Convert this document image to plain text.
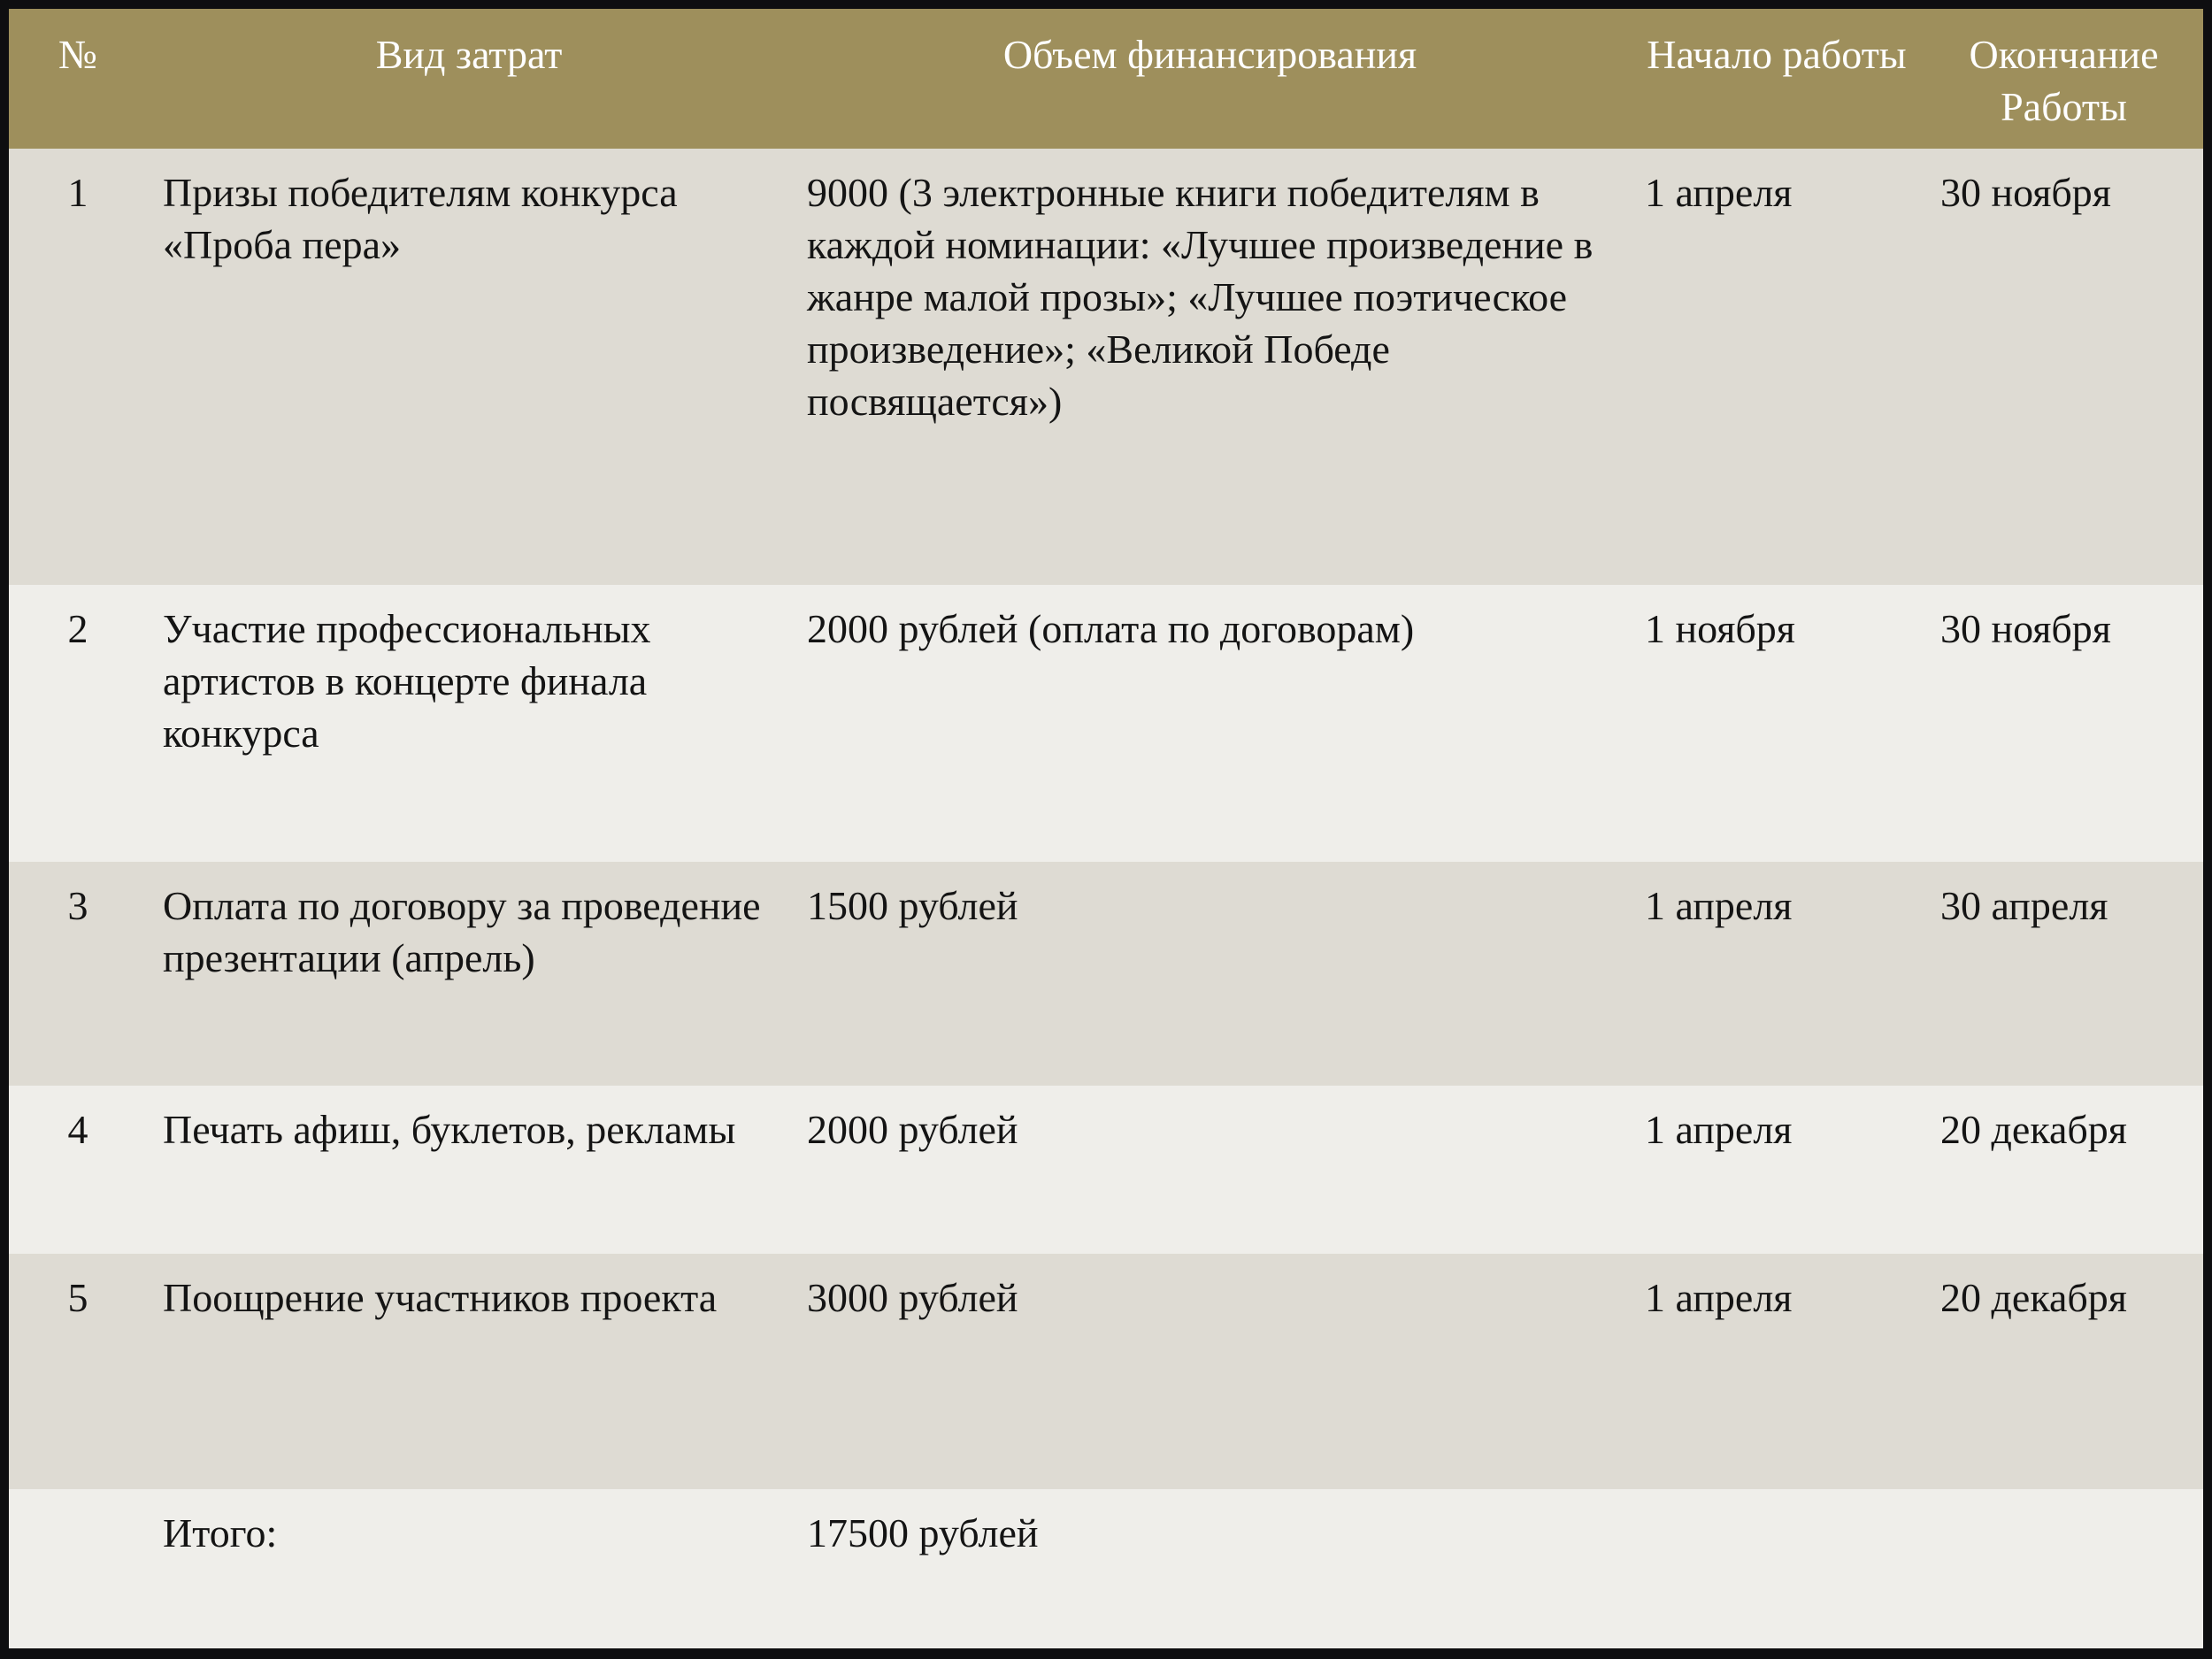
№	Вид затрат	Объем финансирования	Начало работы	Окончание Работы
1	Призы победителям конкурса «Проба пера»	9000 (3 электронные книги победителям в каждой номинации: «Лучшее произведение в жанре малой прозы»; «Лучшее поэтическое произведение»; «Великой Победе посвящается»)	1 апреля	30 ноября
2	Участие профессиональных артистов в концерте финала конкурса	2000 рублей (оплата по договорам)	1 ноября	30 ноября
3	Оплата по договору за проведение презентации (апрель)	1500 рублей	1 апреля	30 апреля
4	Печать афиш, буклетов, рекламы	2000 рублей	1 апреля	20 декабря
5	Поощрение участников проекта	3000 рублей	1 апреля	20 декабря
	Итого:	17500 рублей		
